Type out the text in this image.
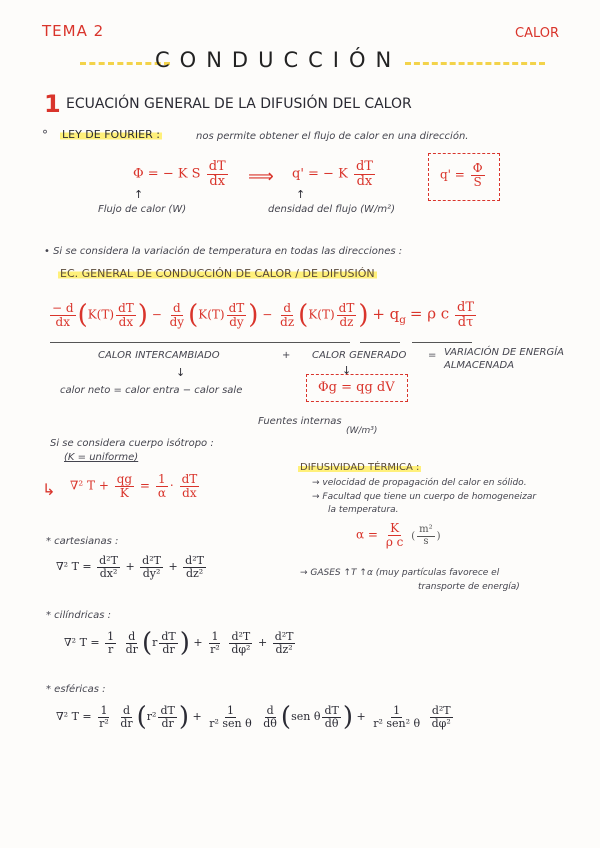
TEMA 2	CALOR
CONDUCCIÓN
1 ECUACIÓN GENERAL DE LA DIFUSIÓN DEL CALOR
° LEY DE FOURIER :	nos permite obtener el flujo de calor en una dirección.
Φ = − K S $\frac{dT}{dx}$ ⟹ q' = − K $\frac{dT}{dx}$	$q' = \frac{\Phi}{S}$
↑	↑
Flujo de calor (W)	densidad del flujo (W/m²)
• Si se considera la variación de temperatura en todas las direcciones :
EC. GENERAL DE CONDUCCIÓN DE CALOR / DE DIFUSIÓN
$\frac{- d}{dx} (K(T) \frac{dT}{dx}$ ) − $\frac{d}{dy} (K(T) \frac{dT}{dy}$ ) − $\frac{d}{dz} (K(T) \frac{dT}{dz}$ ) + $q_g = \rho$ c $\frac{dT}{d\tau}$
CALOR INTERCAMBIADO	+ CALOR GENERADO = VARIACIÓN DE ENERGÍA ALMACENADA
↓	↓
calor neto = calor entra − calor sale	Φg = qg dV
Fuentes internas
(W/m³)
Si se considera cuerpo isótropo :
(K = uniforme)
↳ ∇² $T + \frac{qg}{K} = \frac{1}{\alpha} \cdot \frac{dT}{dx}$
DIFUSIVIDAD TÉRMICA :
→ velocidad de propagación del calor en sólido.
→ Facultad que tiene un cuerpo de homogeneizar
la temperatura.
$\alpha = \frac{K}{\text{ρ c}}$ ( $\frac{\text{m²}}{s}$ )
→ GASES ↑T ↑α (muy partículas favorece el
transporte de energía)
* cartesianas :
∇² $T = \frac{\text{d²T}}{\text{dx²}} + \frac{\text{d²T}}{\text{dy²}} + \frac{\text{d²T}}{\text{dz²}}$
* cilíndricas :
∇² $T = \frac{1}{r}$
$\frac{d}{dr} (r \frac{dT}{dr}$ ) + $\frac{1}{\text{r²}}$
$\frac{\text{d²T}}{\text{dφ²}} + \frac{\text{d²T}}{\text{dz²}}$
* esféricas :
∇² $T = \frac{1}{\text{r²}}$
$\frac{d}{dr} (r^2 \frac{dT}{dr}$ ) + $\frac{1}{\text{r² sen θ}}$
$\frac{d}{d\theta} (sen$ θ $\frac{dT}{d\theta}$ ) + $\frac{1}{\text{r² sen² θ}}$
$\frac{\text{d²T}}{\text{dφ²}}$
